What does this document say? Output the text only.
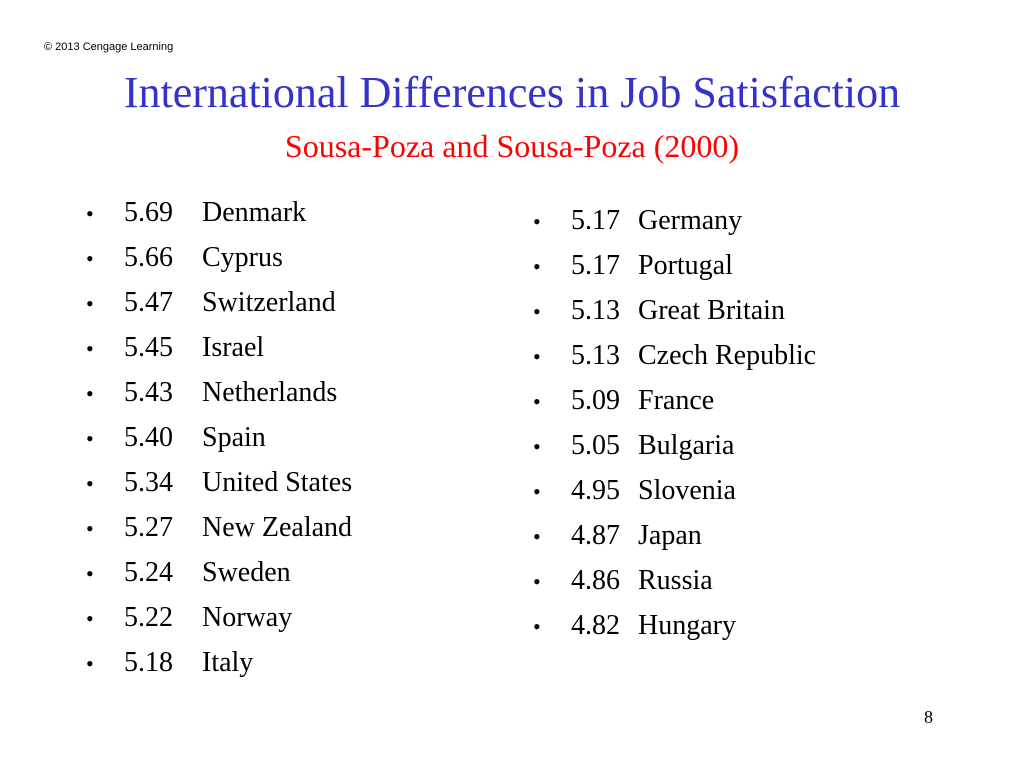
© 2013 Cengage Learning
International Differences in Job Satisfaction
Sousa-Poza and Sousa-Poza (2000)
•	5.69	Denmark
•	5.66	Cyprus
•	5.47	Switzerland
•	5.45	Israel
•	5.43	Netherlands
•	5.40	Spain
•	5.34	United States
•	5.27	New Zealand
•	5.24	Sweden
•	5.22	Norway
•	5.18	Italy
•	5.17 Germany
•	5.17 Portugal
•	5.13 Great Britain
•	5.13 Czech Republic
•	5.09 France
•	5.05 Bulgaria
•	4.95 Slovenia
•	4.87 Japan
•	4.86 Russia
•	4.82 Hungary
8
